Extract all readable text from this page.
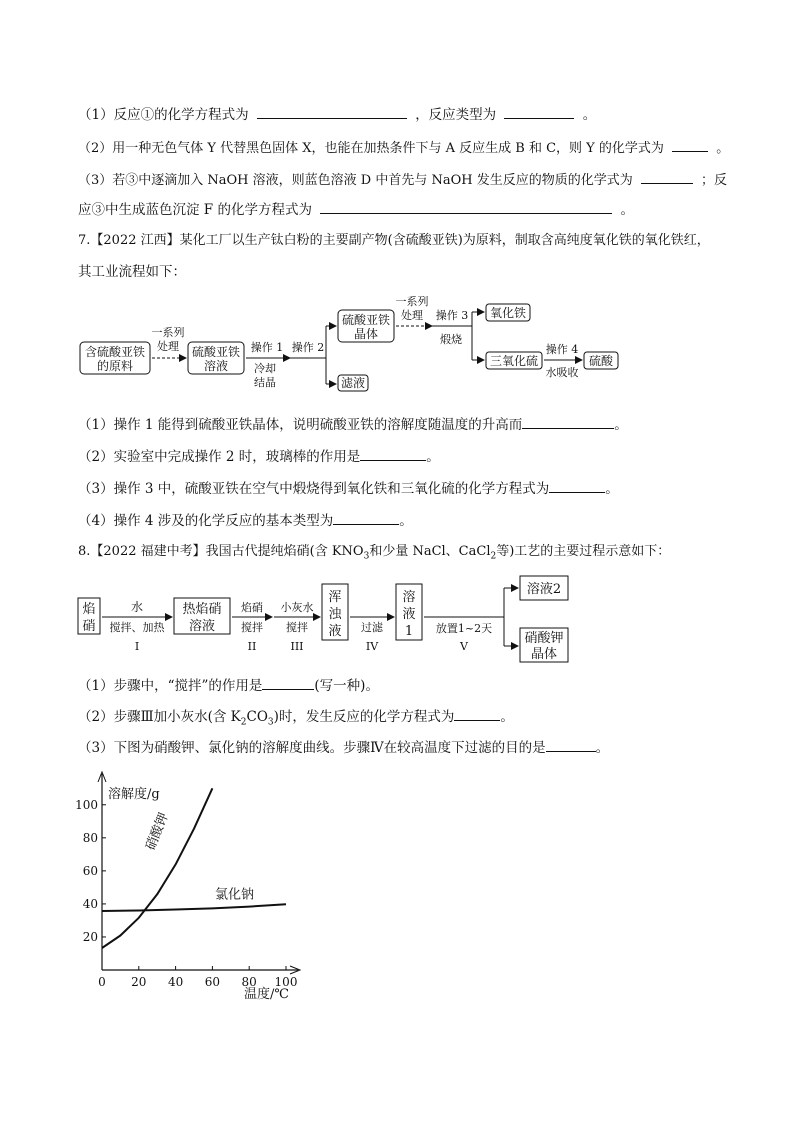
（1）反应①的化学方程式为	，反应类型为	。
（2）用一种无色气体 Y 代替黑色固体 X，也能在加热条件下与 A 反应生成 B 和 C，则 Y 的化学式为	。
（3）若③中逐滴加入 NaOH 溶液，则蓝色溶液 D 中首先与 NaOH 发生反应的物质的化学式为	；反
应③中生成蓝色沉淀 F 的化学方程式为	。
7.【2022 江西】某化工厂以生产钛白粉的主要副产物(含硫酸亚铁)为原料，制取含高纯度氧化铁的氧化铁红，
其工业流程如下：
含硫酸亚铁
的原料
一系列
处理 硫酸亚铁
溶液
操作 1
冷却
结晶
操作 2
硫酸亚铁
晶体
滤液
一系列
处理 操作 3
煅烧
氧化铁
三氧化硫
操作 4
水吸收
硫酸
（1）操作 1 能得到硫酸亚铁晶体，说明硫酸亚铁的溶解度随温度的升高而	。
（2）实验室中完成操作 2 时，玻璃棒的作用是	。
（3）操作 3 中，硫酸亚铁在空气中煅烧得到氧化铁和三氧化硫的化学方程式为	。
（4）操作 4 涉及的化学反应的基本类型为	。
8.【2022 福建中考】我国古代提纯焰硝(含 $KNO_3$和少量 NaCl、CaCl$_2$等)工艺的主要过程示意如下：
焰
硝
水
搅拌、加热
I
热焰硝
溶液
焰硝
搅拌
II
小灰水
搅拌
III
浑
浊
液 过滤
IV
溶
液
1 放置1~2天
V
溶液2
硝酸钾
晶体
（1）步骤中，“搅拌”的作用是	(写一种)。
（2）步骤Ⅲ加小灰水(含 $K_2CO_3$)时，发生反应的化学方程式为	。
（3）下图为硝酸钾、氯化钠的溶解度曲线。步骤Ⅳ在较高温度下过滤的目的是	。
溶解度/g
温度/℃
0 20 40 60 80 100
20
40
60
80
100
硝酸钾
氯化钠
